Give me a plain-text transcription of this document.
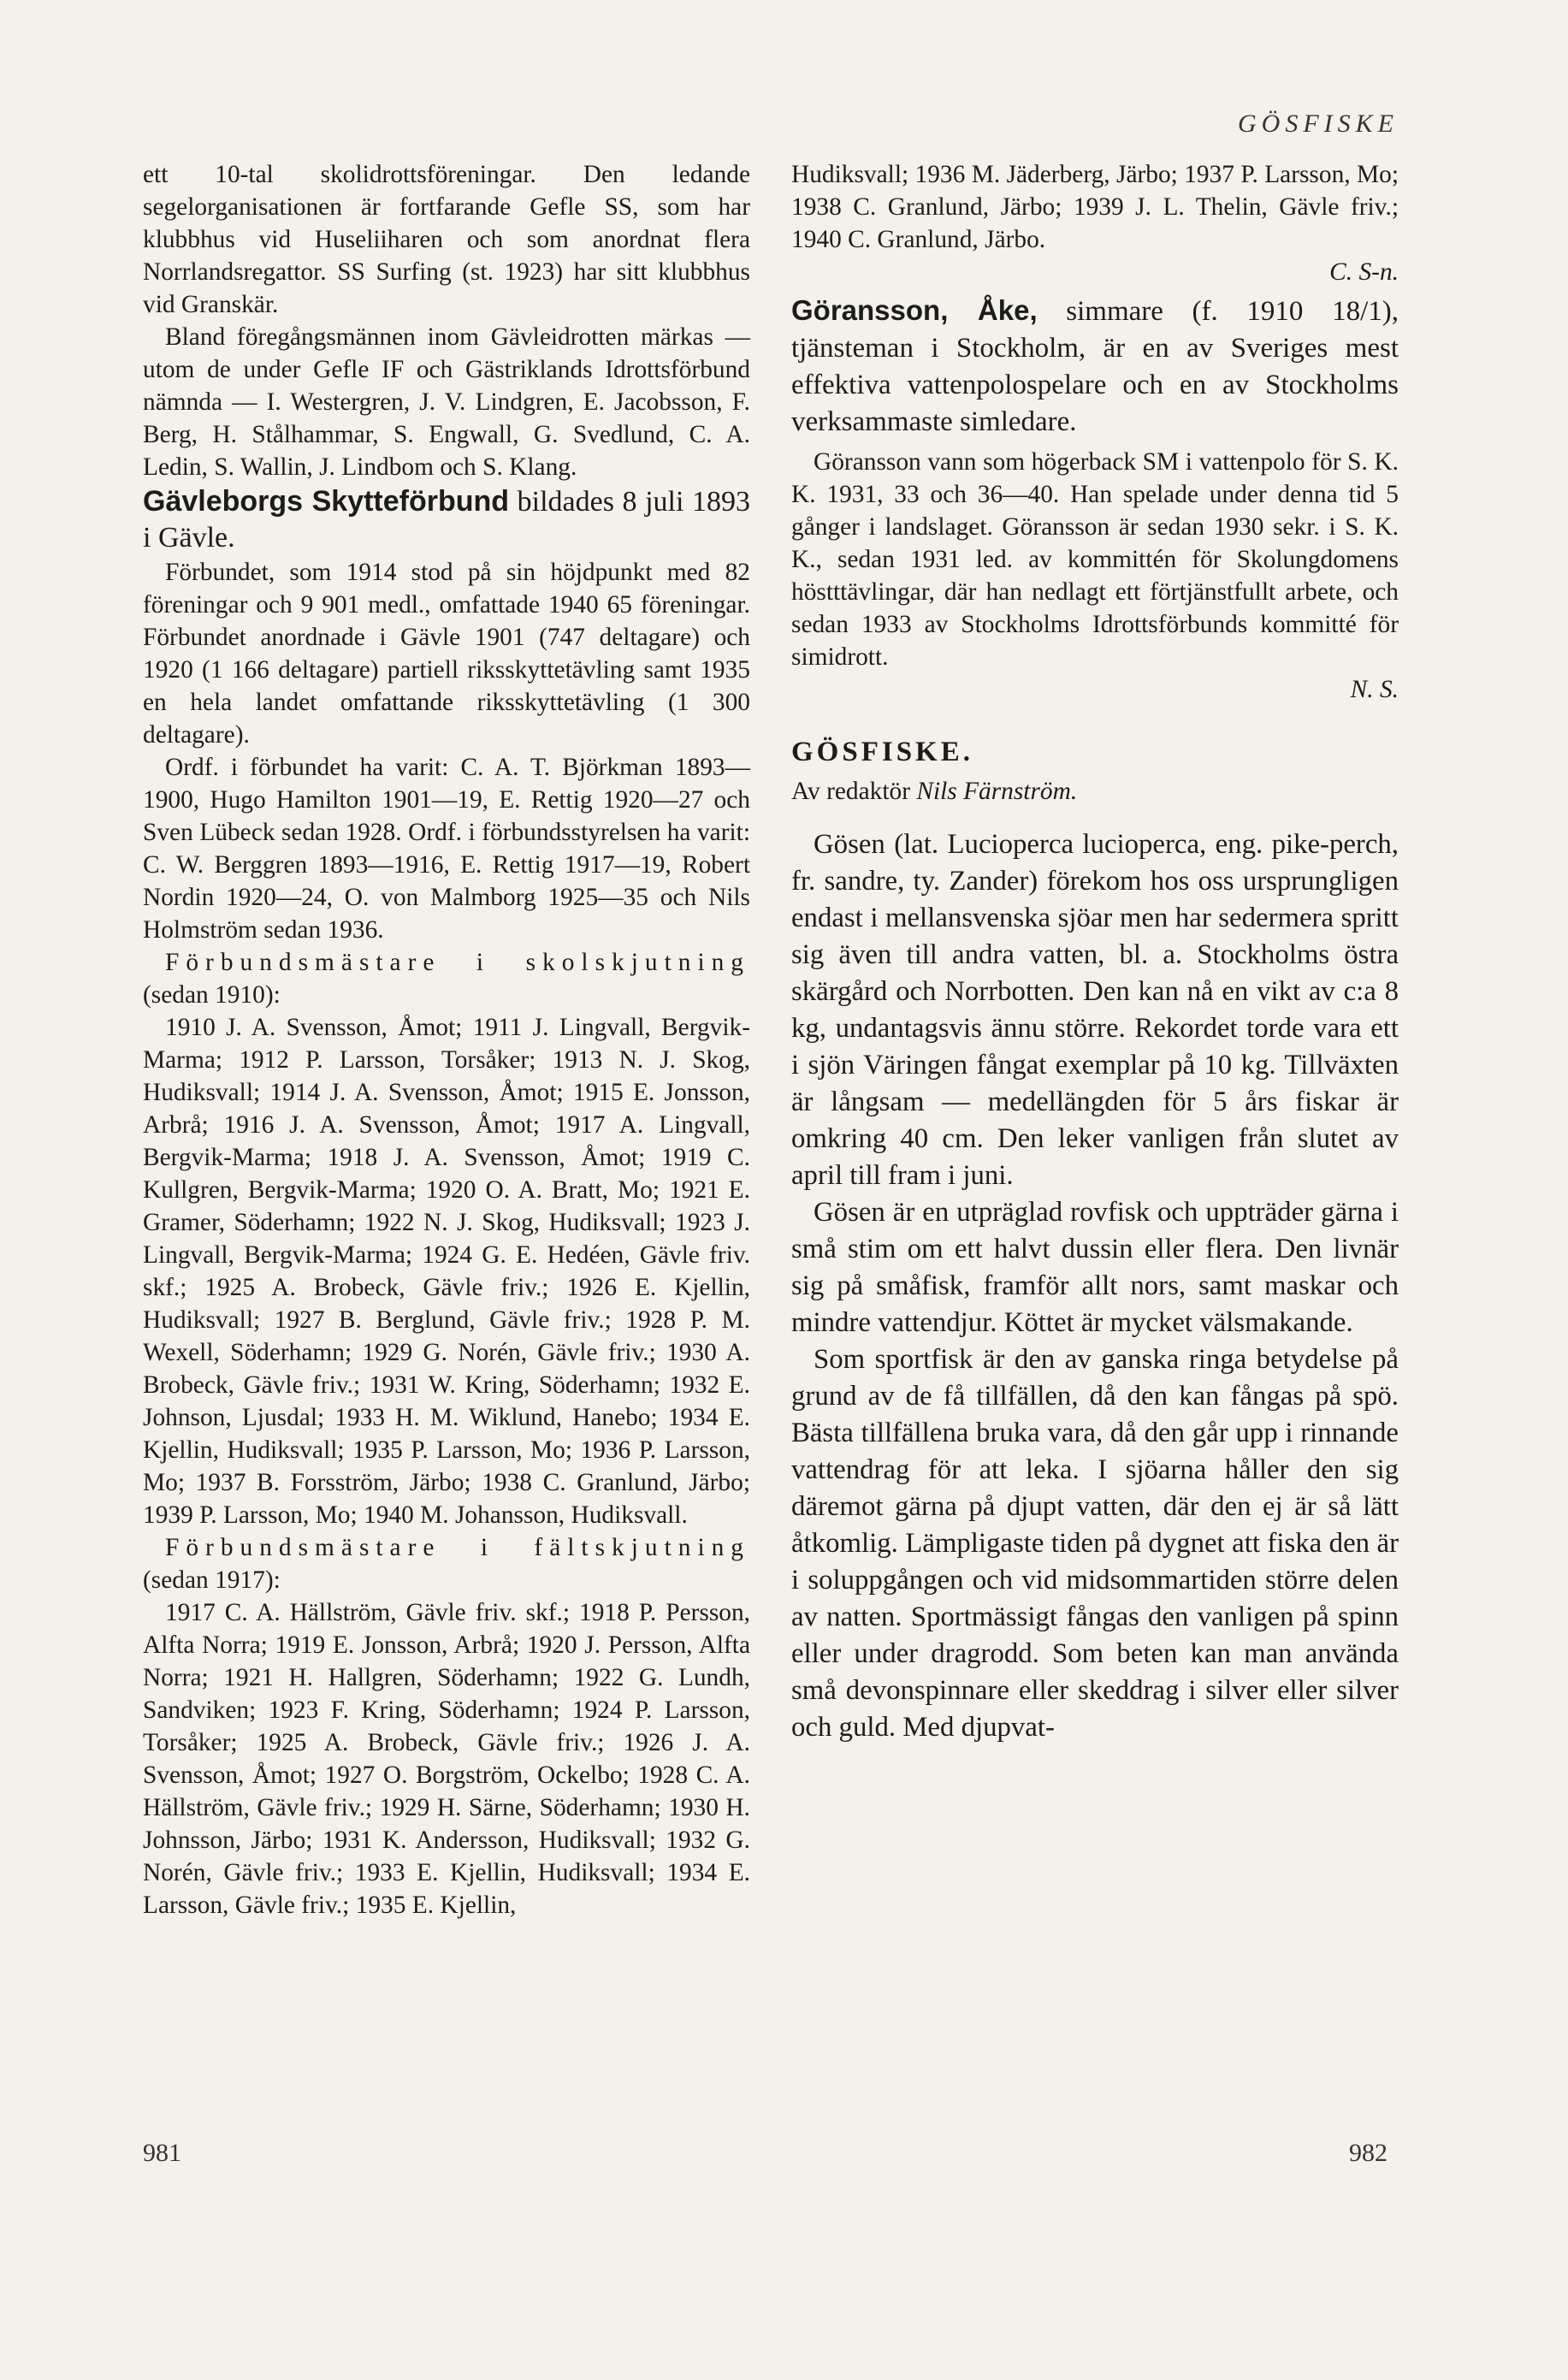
GÖSFISKE

ett 10-tal skolidrottsföreningar. Den ledande segelorganisationen är fortfarande Gefle SS, som har klubbhus vid Huseliiharen och som anordnat flera Norrlandsregattor. SS Surfing (st. 1923) har sitt klubbhus vid Granskär.

Bland föregångsmännen inom Gävleidrotten märkas — utom de under Gefle IF och Gästriklands Idrottsförbund nämnda — I. Westergren, J. V. Lindgren, E. Jacobsson, F. Berg, H. Stålhammar, S. Engwall, G. Svedlund, C. A. Ledin, S. Wallin, J. Lindbom och S. Klang.

Gävleborgs Skytteförbund bildades 8 juli 1893 i Gävle.

Förbundet, som 1914 stod på sin höjdpunkt med 82 föreningar och 9 901 medl., omfattade 1940 65 föreningar. Förbundet anordnade i Gävle 1901 (747 deltagare) och 1920 (1 166 deltagare) partiell riksskyttetävling samt 1935 en hela landet omfattande riksskyttetävling (1 300 deltagare).

Ordf. i förbundet ha varit: C. A. T. Björkman 1893—1900, Hugo Hamilton 1901—19, E. Rettig 1920—27 och Sven Lübeck sedan 1928. Ordf. i förbundsstyrelsen ha varit: C. W. Berggren 1893—1916, E. Rettig 1917—19, Robert Nordin 1920—24, O. von Malmborg 1925—35 och Nils Holmström sedan 1936.

Förbundsmästare i skolskjutning (sedan 1910):

1910 J. A. Svensson, Åmot; 1911 J. Lingvall, Bergvik-Marma; 1912 P. Larsson, Torsåker; 1913 N. J. Skog, Hudiksvall; 1914 J. A. Svensson, Åmot; 1915 E. Jonsson, Arbrå; 1916 J. A. Svensson, Åmot; 1917 A. Lingvall, Bergvik-Marma; 1918 J. A. Svensson, Åmot; 1919 C. Kullgren, Bergvik-Marma; 1920 O. A. Bratt, Mo; 1921 E. Gramer, Söderhamn; 1922 N. J. Skog, Hudiksvall; 1923 J. Lingvall, Bergvik-Marma; 1924 G. E. Hedéen, Gävle friv. skf.; 1925 A. Brobeck, Gävle friv.; 1926 E. Kjellin, Hudiksvall; 1927 B. Berglund, Gävle friv.; 1928 P. M. Wexell, Söderhamn; 1929 G. Norén, Gävle friv.; 1930 A. Brobeck, Gävle friv.; 1931 W. Kring, Söderhamn; 1932 E. Johnson, Ljusdal; 1933 H. M. Wiklund, Hanebo; 1934 E. Kjellin, Hudiksvall; 1935 P. Larsson, Mo; 1936 P. Larsson, Mo; 1937 B. Forsström, Järbo; 1938 C. Granlund, Järbo; 1939 P. Larsson, Mo; 1940 M. Johansson, Hudiksvall.

Förbundsmästare i fältskjutning (sedan 1917):

1917 C. A. Hällström, Gävle friv. skf.; 1918 P. Persson, Alfta Norra; 1919 E. Jonsson, Arbrå; 1920 J. Persson, Alfta Norra; 1921 H. Hallgren, Söderhamn; 1922 G. Lundh, Sandviken; 1923 F. Kring, Söderhamn; 1924 P. Larsson, Torsåker; 1925 A. Brobeck, Gävle friv.; 1926 J. A. Svensson, Åmot; 1927 O. Borgström, Ockelbo; 1928 C. A. Hällström, Gävle friv.; 1929 H. Särne, Söderhamn; 1930 H. Johnsson, Järbo; 1931 K. Andersson, Hudiksvall; 1932 G. Norén, Gävle friv.; 1933 E. Kjellin, Hudiksvall; 1934 E. Larsson, Gävle friv.; 1935 E. Kjellin,

Hudiksvall; 1936 M. Jäderberg, Järbo; 1937 P. Larsson, Mo; 1938 C. Granlund, Järbo; 1939 J. L. Thelin, Gävle friv.; 1940 C. Granlund, Järbo.

C. S-n.

Göransson, Åke, simmare (f. 1910 18/1), tjänsteman i Stockholm, är en av Sveriges mest effektiva vattenpolospelare och en av Stockholms verksammaste simledare.

Göransson vann som högerback SM i vattenpolo för S. K. K. 1931, 33 och 36—40. Han spelade under denna tid 5 gånger i landslaget. Göransson är sedan 1930 sekr. i S. K. K., sedan 1931 led. av kommittén för Skolungdomens höstttävlingar, där han nedlagt ett förtjänstfullt arbete, och sedan 1933 av Stockholms Idrottsförbunds kommitté för simidrott.

N. S.

GÖSFISKE.
Av redaktör Nils Färnström.

Gösen (lat. Lucioperca lucioperca, eng. pike-perch, fr. sandre, ty. Zander) förekom hos oss ursprungligen endast i mellansvenska sjöar men har sedermera spritt sig även till andra vatten, bl. a. Stockholms östra skärgård och Norrbotten. Den kan nå en vikt av c:a 8 kg, undantagsvis ännu större. Rekordet torde vara ett i sjön Väringen fångat exemplar på 10 kg. Tillväxten är långsam — medellängden för 5 års fiskar är omkring 40 cm. Den leker vanligen från slutet av april till fram i juni.

Gösen är en utpräglad rovfisk och uppträder gärna i små stim om ett halvt dussin eller flera. Den livnär sig på småfisk, framför allt nors, samt maskar och mindre vattendjur. Köttet är mycket välsmakande.

Som sportfisk är den av ganska ringa betydelse på grund av de få tillfällen, då den kan fångas på spö. Bästa tillfällena bruka vara, då den går upp i rinnande vattendrag för att leka. I sjöarna håller den sig däremot gärna på djupt vatten, där den ej är så lätt åtkomlig. Lämpligaste tiden på dygnet att fiska den är i soluppgången och vid midsommartiden större delen av natten. Sportmässigt fångas den vanligen på spinn eller under dragrodd. Som beten kan man använda små devonspinnare eller skeddrag i silver eller silver och guld. Med djupvat-

981	982
